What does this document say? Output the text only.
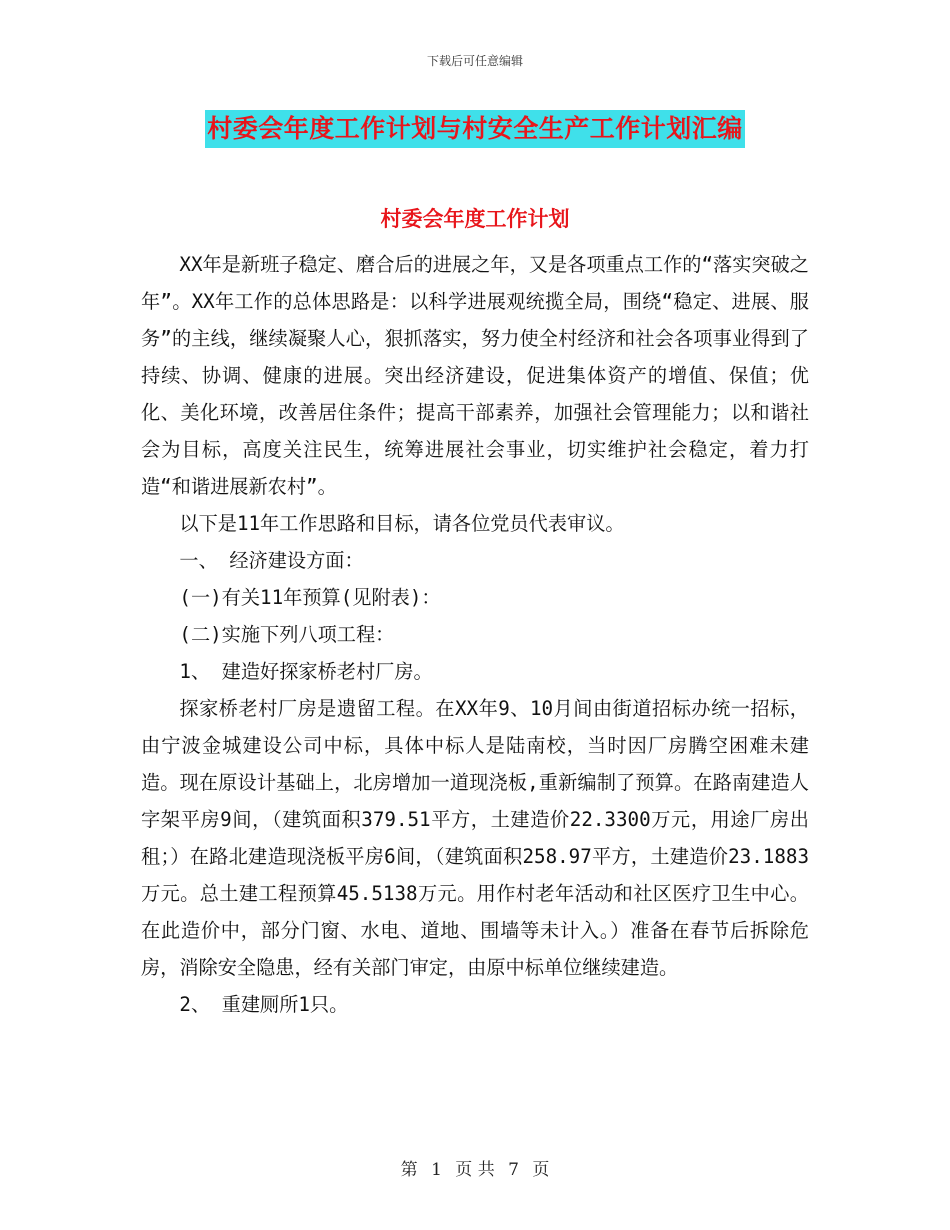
下载后可任意编辑
村委会年度工作计划与村安全生产工作计划汇编
村委会年度工作计划

XX年是新班子稳定、磨合后的进展之年，又是各项重点工作的“落实突破之年”。XX年工作的总体思路是：以科学进展观统揽全局，围绕“稳定、进展、服务”的主线，继续凝聚人心，狠抓落实，努力使全村经济和社会各项事业得到了持续、协调、健康的进展。突出经济建设，促进集体资产的增值、保值；优化、美化环境，改善居住条件；提高干部素养，加强社会管理能力；以和谐社会为目标，高度关注民生，统筹进展社会事业，切实维护社会稳定，着力打造“和谐进展新农村”。

以下是11年工作思路和目标，请各位党员代表审议。

一、 经济建设方面：

(一)有关11年预算(见附表)：

(二)实施下列八项工程：

1、 建造好探家桥老村厂房。

探家桥老村厂房是遗留工程。在XX年9、10月间由街道招标办统一招标，由宁波金城建设公司中标，具体中标人是陆南校，当时因厂房腾空困难未建造。现在原设计基础上，北房增加一道现浇板,重新编制了预算。在路南建造人字架平房9间，（建筑面积379.51平方，土建造价22.3300万元，用途厂房出租；）在路北建造现浇板平房6间，（建筑面积258.97平方，土建造价23.1883万元。总土建工程预算45.5138万元。用作村老年活动和社区医疗卫生中心。在此造价中，部分门窗、水电、道地、围墙等未计入。）准备在春节后拆除危房，消除安全隐患，经有关部门审定，由原中标单位继续建造。

2、 重建厕所1只。

第 1 页 共 7 页
